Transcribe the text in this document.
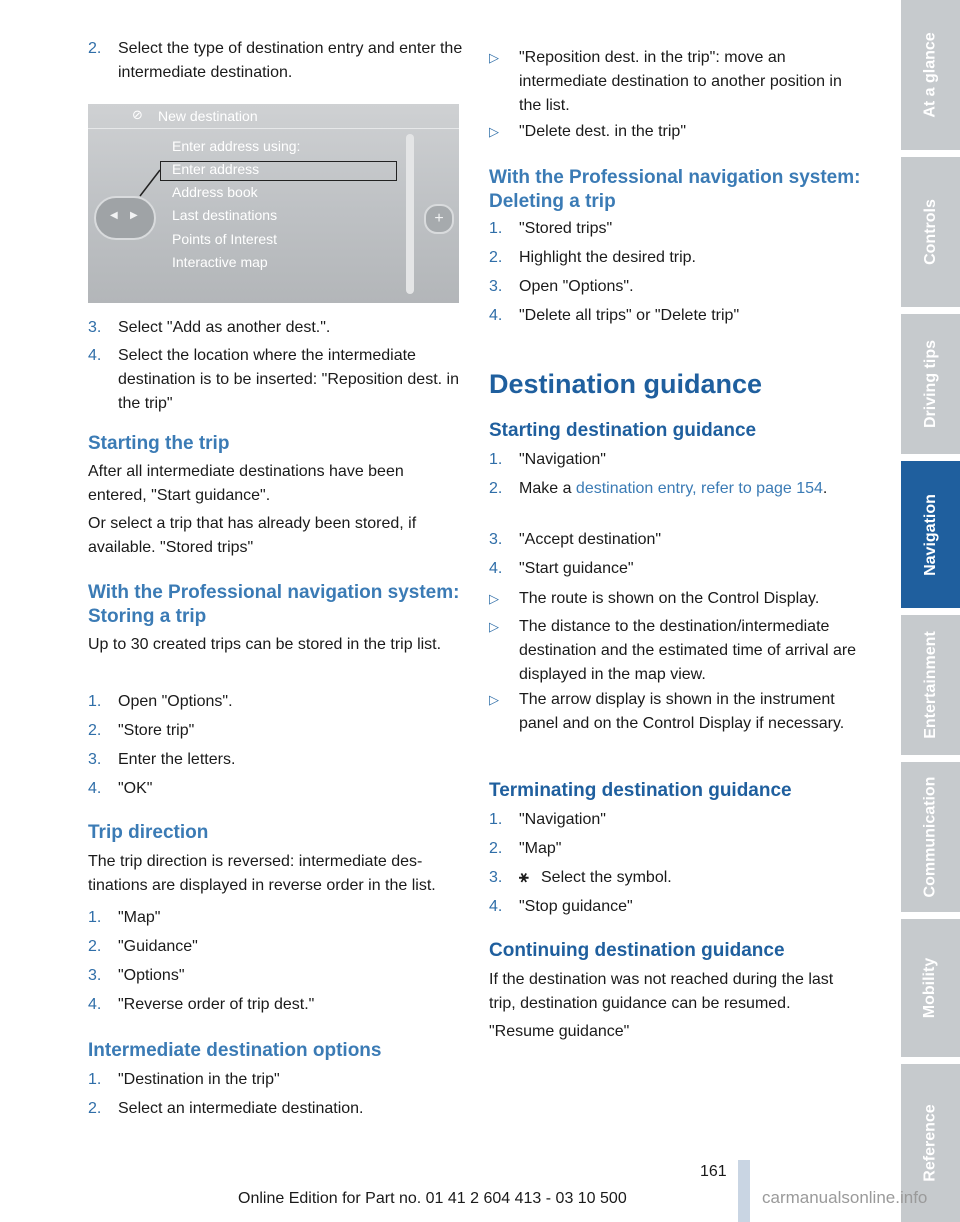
2.	Select the type of destination entry and enter the intermediate destination.
⊘ New destination
Enter address using:
Enter address
Address book
Last destinations
Points of Interest
Interactive map
◀ ▶	+
3.	Select "Add as another dest.".
4.	Select the location where the intermediate destination is to be inserted: "Reposition dest. in the trip"
Starting the trip
After all intermediate destinations have been entered, "Start guidance".
Or select a trip that has already been stored, if available. "Stored trips"
With the Professional navigation system: Storing a trip
Up to 30 created trips can be stored in the trip list.
1.	Open "Options".
2.	"Store trip"
3.	Enter the letters.
4.	"OK"
Trip direction
The trip direction is reversed: intermediate destinations are displayed in reverse order in the list.
1.	"Map"
2.	"Guidance"
3.	"Options"
4.	"Reverse order of trip dest."
Intermediate destination options
1.	"Destination in the trip"
2.	Select an intermediate destination.
▷	"Reposition dest. in the trip": move an intermediate destination to another position in the list.
▷	"Delete dest. in the trip"
With the Professional navigation system: Deleting a trip
1.	"Stored trips"
2.	Highlight the desired trip.
3.	Open "Options".
4.	"Delete all trips" or "Delete trip"
Destination guidance
Starting destination guidance
1.	"Navigation"
2.	Make a destination entry, refer to page 154.
3.	"Accept destination"
4.	"Start guidance"
▷	The route is shown on the Control Display.
▷	The distance to the destination/intermediate destination and the estimated time of arrival are displayed in the map view.
▷	The arrow display is shown in the instrument panel and on the Control Display if necessary.
Terminating destination guidance
1.	"Navigation"
2.	"Map"
3.	⚹ Select the symbol.
4.	"Stop guidance"
Continuing destination guidance
If the destination was not reached during the last trip, destination guidance can be resumed.
"Resume guidance"
At a glance
Controls
Driving tips
Navigation
Entertainment
Communication
Mobility
Reference
161
Online Edition for Part no. 01 41 2 604 413 - 03 10 500	carmanualsonline.info
